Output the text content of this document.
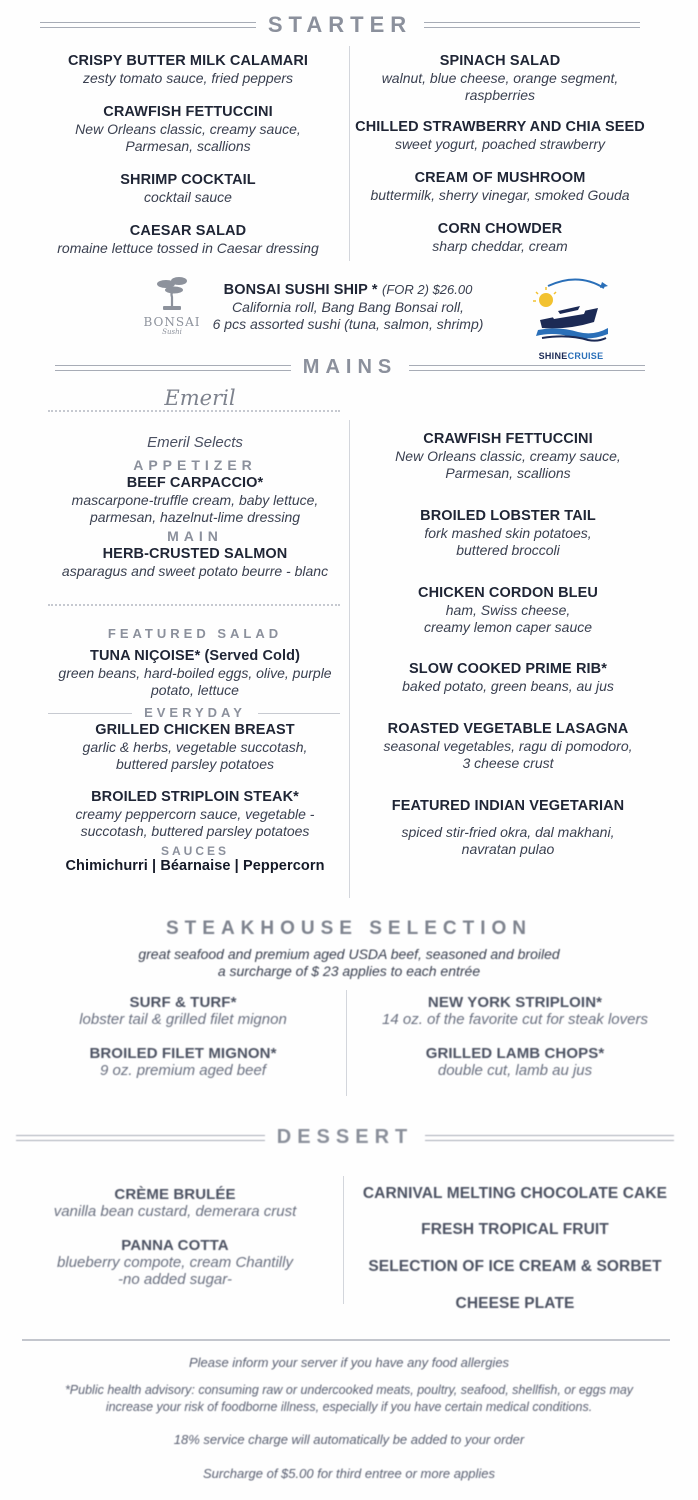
STARTER
CRISPY BUTTER MILK CALAMARI
zesty tomato sauce, fried peppers
CRAWFISH FETTUCCINI
New Orleans classic, creamy sauce,
Parmesan, scallions
SHRIMP COCKTAIL
cocktail sauce
CAESAR SALAD
romaine lettuce tossed in Caesar dressing
SPINACH SALAD
walnut, blue cheese, orange segment,
raspberries
CHILLED STRAWBERRY AND CHIA SEED
sweet yogurt, poached strawberry
CREAM OF MUSHROOM
buttermilk, sherry vinegar, smoked Gouda
CORN CHOWDER
sharp cheddar, cream
BONSAI
Sushi
BONSAI SUSHI SHIP * (FOR 2) $26.00
California roll, Bang Bang Bonsai roll,
6 pcs assorted sushi (tuna, salmon, shrimp)
SHINECRUISE
MAINS
Emeril
Emeril Selects
APPETIZER
BEEF CARPACCIO*
mascarpone-truffle cream, baby lettuce,
parmesan, hazelnut-lime dressing
MAIN
HERB-CRUSTED SALMON
asparagus and sweet potato beurre - blanc
FEATURED SALAD
TUNA NIÇOISE* (Served Cold)
green beans, hard-boiled eggs, olive, purple
potato, lettuce
EVERYDAY
GRILLED CHICKEN BREAST
garlic & herbs, vegetable succotash,
buttered parsley potatoes
BROILED STRIPLOIN STEAK*
creamy peppercorn sauce, vegetable -
succotash, buttered parsley potatoes
SAUCES
Chimichurri | Béarnaise | Peppercorn
CRAWFISH FETTUCCINI
New Orleans classic, creamy sauce,
Parmesan, scallions
BROILED LOBSTER TAIL
fork mashed skin potatoes,
buttered broccoli
CHICKEN CORDON BLEU
ham, Swiss cheese,
creamy lemon caper sauce
SLOW COOKED PRIME RIB*
baked potato, green beans, au jus
ROASTED VEGETABLE LASAGNA
seasonal vegetables, ragu di pomodoro,
3 cheese crust
FEATURED INDIAN VEGETARIAN
spiced stir-fried okra, dal makhani,
navratan pulao
STEAKHOUSE SELECTION
great seafood and premium aged USDA beef, seasoned and broiled
a surcharge of $ 23 applies to each entrée
SURF & TURF*
lobster tail & grilled filet mignon
BROILED FILET MIGNON*
9 oz. premium aged beef
NEW YORK STRIPLOIN*
14 oz. of the favorite cut for steak lovers
GRILLED LAMB CHOPS*
double cut, lamb au jus
DESSERT
CRÈME BRULÉE
vanilla bean custard, demerara crust
PANNA COTTA
blueberry compote, cream Chantilly
-no added sugar-
CARNIVAL MELTING CHOCOLATE CAKE
FRESH TROPICAL FRUIT
SELECTION OF ICE CREAM & SORBET
CHEESE PLATE
Please inform your server if you have any food allergies
*Public health advisory: consuming raw or undercooked meats, poultry, seafood, shellfish, or eggs may
increase your risk of foodborne illness, especially if you have certain medical conditions.
18% service charge will automatically be added to your order
Surcharge of $5.00 for third entree or more applies
